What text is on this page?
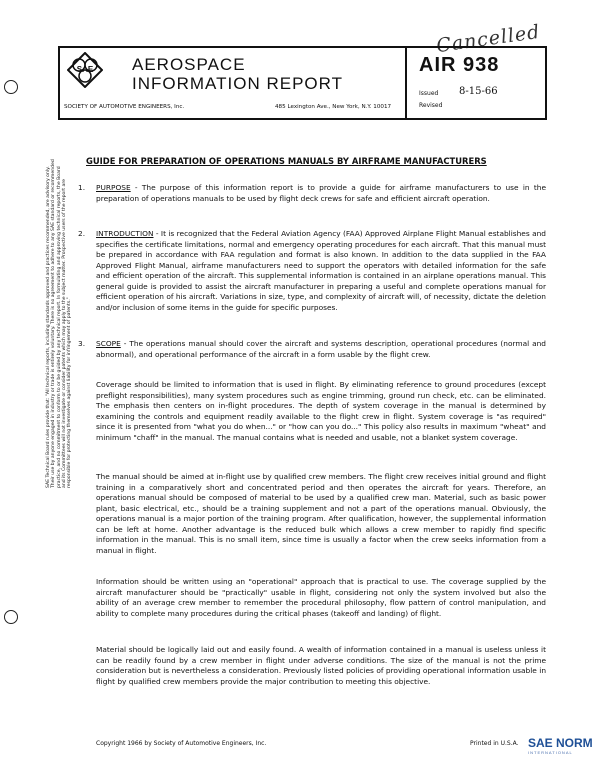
SAE Technical Board rules provide that: "All technical reports, including standards approved and practices recommended, are advisory only. Their use by anyone engaged in industry or trade is entirely voluntary. There is no agreement to adhere to any SAE standard or recommended practice, and no commitment to conform to or be guided by any technical report. In formulating and approving technical reports, the Board and its Committees will not investigate or consider patents which may apply to the subject matter. Prospective users of the report are responsible for protecting themselves against liability for infringement of patents."
Cancelled
SAE AEROSPACE
INFORMATION REPORT
SOCIETY OF AUTOMOTIVE ENGINEERS, Inc.	485 Lexington Ave., New York, N.Y. 10017
AIR 938
Issued 8-15-66
Revised
GUIDE FOR PREPARATION OF OPERATIONS MANUALS BY AIRFRAME MANUFACTURERS
1. PURPOSE - The purpose of this information report is to provide a guide for airframe manufacturers to use in the preparation of operations manuals to be used by flight deck crews for safe and efficient aircraft operation.

2. INTRODUCTION - It is recognized that the Federal Aviation Agency (FAA) Approved Airplane Flight Manual establishes and specifies the certificate limitations, normal and emergency operating procedures for each aircraft. That this manual must be prepared in accordance with FAA regulation and format is also known. In addition to the data supplied in the FAA Approved Flight Manual, airframe manufacturers need to support the operators with detailed information for the safe and efficient operation of the aircraft. This supplemental information is contained in an airplane operations manual. This general guide is provided to assist the aircraft manufacturer in preparing a useful and complete operations manual for efficient operation of his aircraft. Variations in size, type, and complexity of aircraft will, of necessity, dictate the deletion and/or inclusion of some items in the guide for specific purposes.

3. SCOPE - The operations manual should cover the aircraft and systems description, operational procedures (normal and abnormal), and operational performance of the aircraft in a form usable by the flight crew.

Coverage should be limited to information that is used in flight. By eliminating reference to ground procedures (except preflight responsibilities), many system procedures such as engine trimming, ground run check, etc. can be eliminated. The emphasis then centers on in-flight procedures. The depth of system coverage in the manual is determined by examining the controls and equipment readily available to the flight crew in flight. System coverage is "as required" since it is presented from "what you do when..." or "how can you do..." This policy also results in maximum "wheat" and minimum "chaff" in the manual. The manual contains what is needed and usable, not a blanket system coverage.

The manual should be aimed at in-flight use by qualified crew members. The flight crew receives initial ground and flight training in a comparatively short and concentrated period and then operates the aircraft for years. Therefore, an operations manual should be composed of material to be used by a qualified crew man. Material, such as basic power plant, basic electrical, etc., should be a training supplement and not a part of the operations manual. Obviously, the operations manual is a major portion of the training program. After qualification, however, the supplemental information can be left at home. Another advantage is the reduced bulk which allows a crew member to rapidly find specific information in the manual. This is no small item, since time is usually a factor when the crew seeks information from a manual in flight.

Information should be written using an "operational" approach that is practical to use. The coverage supplied by the aircraft manufacturer should be "practically" usable in flight, considering not only the system involved but also the ability of an average crew member to remember the procedural philosophy, flow pattern of control manipulation, and ability to complete many procedures during the critical phases (takeoff and landing) of flight.

Material should be logically laid out and easily found. A wealth of information contained in a manual is useless unless it can be readily found by a crew member in flight under adverse conditions. The size of the manual is not the prime consideration but is nevertheless a consideration. Previously listed policies of providing operational information usable in flight by qualified crew members provide the major contribution to meeting this objective.

Copyright 1966 by Society of Automotive Engineers, Inc.	Printed in U.S.A. SAE NORM
INTERNATIONAL
